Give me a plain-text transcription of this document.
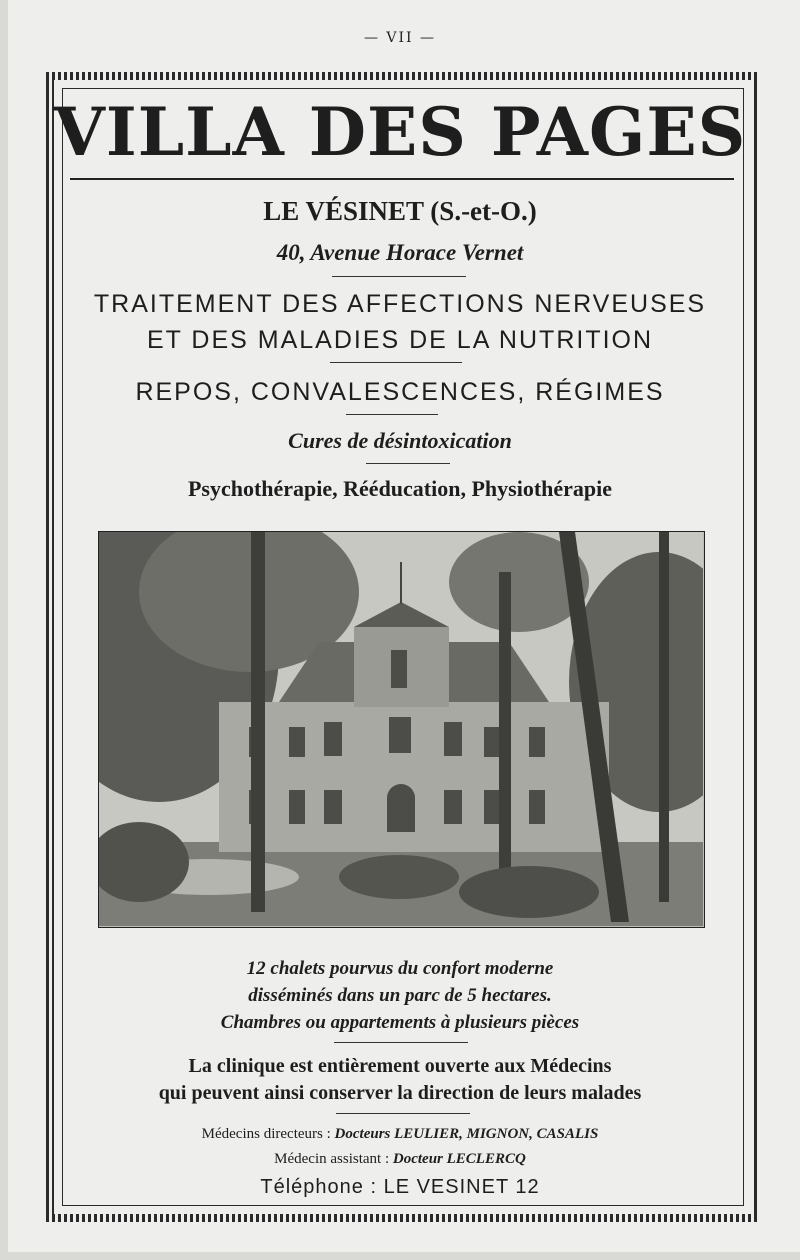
— VII —
VILLA DES PAGES
LE VÉSINET (S.-et-O.)
40, Avenue Horace Vernet
TRAITEMENT DES AFFECTIONS NERVEUSES
ET DES MALADIES DE LA NUTRITION
REPOS, CONVALESCENCES, RÉGIMES
Cures de désintoxication
Psychothérapie, Rééducation, Physiothérapie
12 chalets pourvus du confort moderne
disséminés dans un parc de 5 hectares.
Chambres ou appartements à plusieurs pièces
La clinique est entièrement ouverte aux Médecins
qui peuvent ainsi conserver la direction de leurs malades
Médecins directeurs : Docteurs LEULIER, MIGNON, CASALIS
Médecin assistant : Docteur LECLERCQ
Téléphone : LE VESINET 12
